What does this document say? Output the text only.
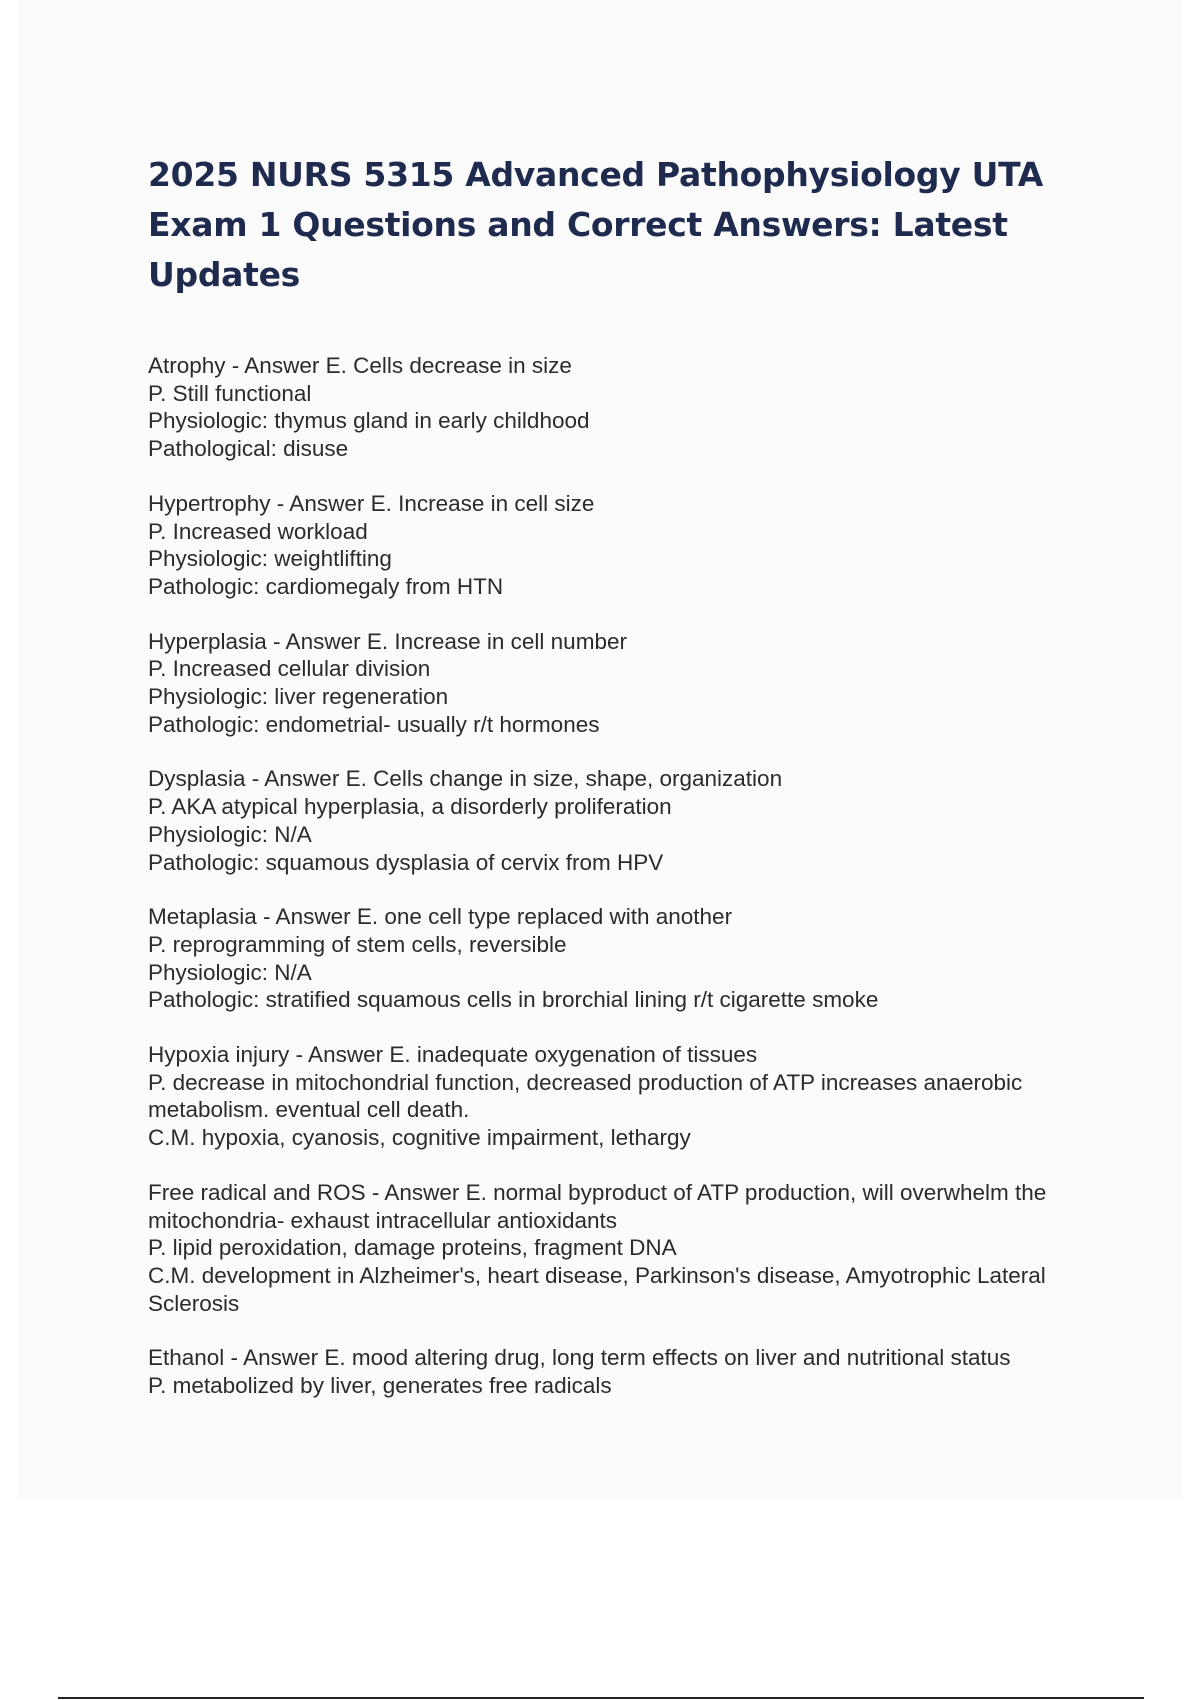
2025 NURS 5315 Advanced Pathophysiology UTA Exam 1 Questions and Correct Answers: Latest Updates

Atrophy - Answer E. Cells decrease in size

P. Still functional

Physiologic: thymus gland in early childhood

Pathological: disuse

Hypertrophy - Answer E. Increase in cell size

P. Increased workload

Physiologic: weightlifting

Pathologic: cardiomegaly from HTN

Hyperplasia - Answer E. Increase in cell number

P. Increased cellular division

Physiologic: liver regeneration

Pathologic: endometrial- usually r/t hormones

Dysplasia - Answer E. Cells change in size, shape, organization

P. AKA atypical hyperplasia, a disorderly proliferation

Physiologic: N/A

Pathologic: squamous dysplasia of cervix from HPV

Metaplasia - Answer E. one cell type replaced with another

P. reprogramming of stem cells, reversible

Physiologic: N/A

Pathologic: stratified squamous cells in brorchial lining r/t cigarette smoke

Hypoxia injury - Answer E. inadequate oxygenation of tissues

P. decrease in mitochondrial function, decreased production of ATP increases anaerobic metabolism. eventual cell death.

C.M. hypoxia, cyanosis, cognitive impairment, lethargy

Free radical and ROS - Answer E. normal byproduct of ATP production, will overwhelm the mitochondria- exhaust intracellular antioxidants

P. lipid peroxidation, damage proteins, fragment DNA

C.M. development in Alzheimer's, heart disease, Parkinson's disease, Amyotrophic Lateral Sclerosis

Ethanol - Answer E. mood altering drug, long term effects on liver and nutritional status

P. metabolized by liver, generates free radicals
